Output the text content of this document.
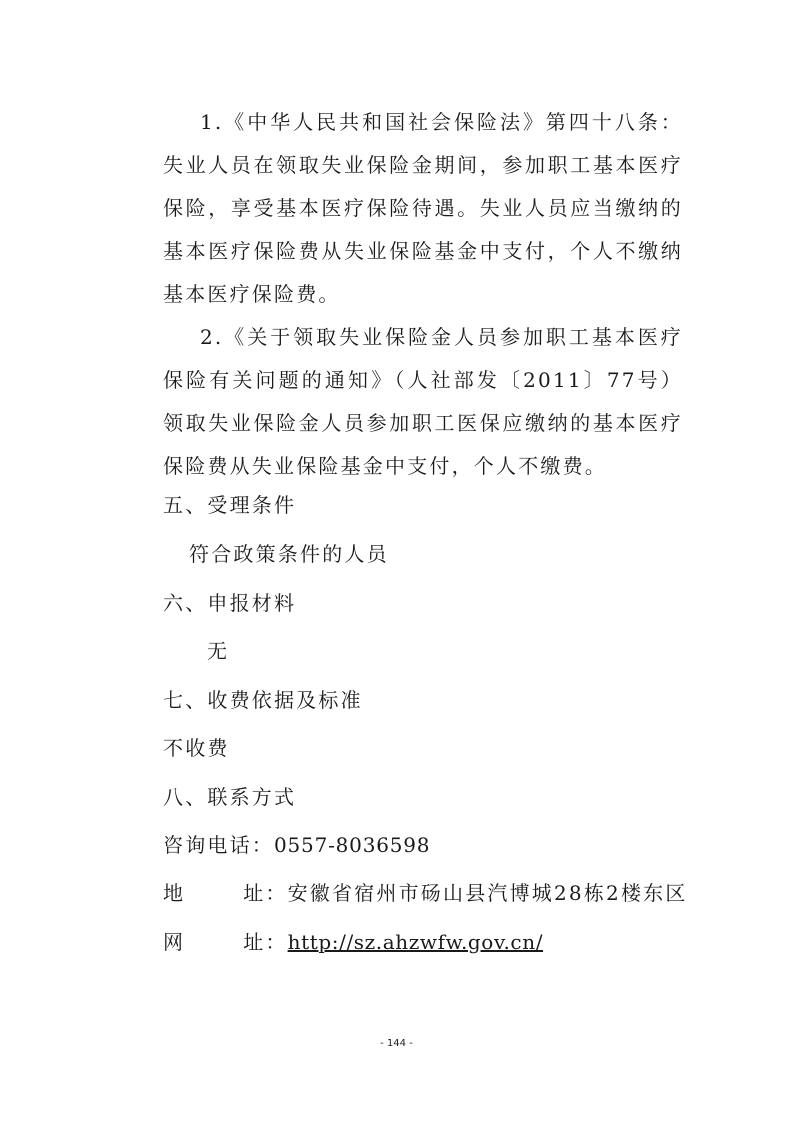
1.《中华人民共和国社会保险法》第四十八条：失业人员在领取失业保险金期间，参加职工基本医疗保险，享受基本医疗保险待遇。失业人员应当缴纳的基本医疗保险费从失业保险基金中支付，个人不缴纳基本医疗保险费。

2.《关于领取失业保险金人员参加职工基本医疗保险有关问题的通知》（人社部发〔2011〕77号）领取失业保险金人员参加职工医保应缴纳的基本医疗保险费从失业保险基金中支付，个人不缴费。

五、受理条件

符合政策条件的人员

六、申报材料

无

七、收费依据及标准

不收费

八、联系方式

咨询电话：0557-8036598

地	址：安徽省宿州市砀山县汽博城28栋2楼东区

网	址：http://sz.ahzwfw.gov.cn/

- 144 -
